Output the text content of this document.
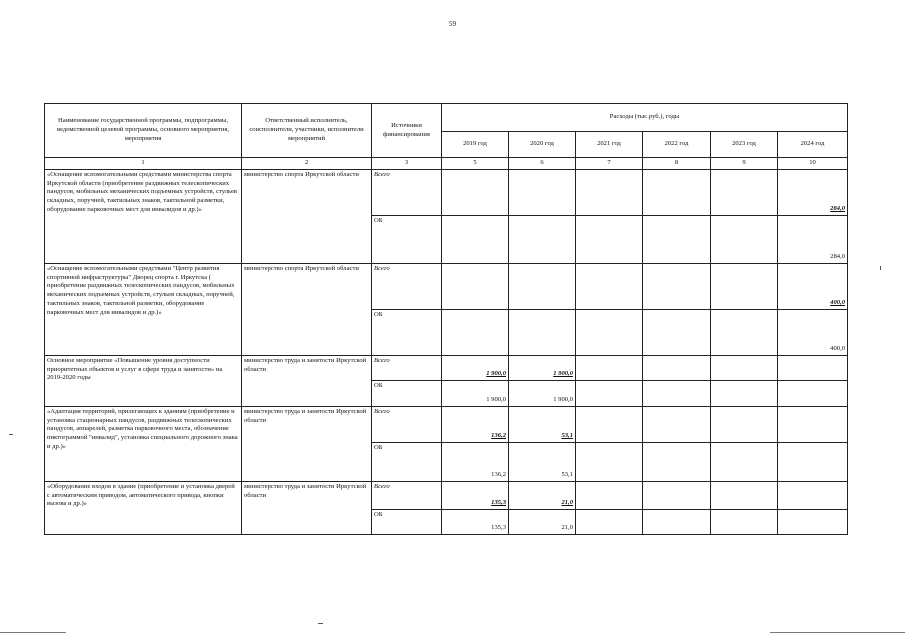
59
Наименование государственной программы, подпрограммы, ведомственной целевой программы, основного мероприятия, мероприятия	Ответственный исполнитель, соисполнители, участники, исполнители мероприятий	Источники финансирования	Расходы (тыс.руб.), годы					
			2019 год	2020 год	2021 год	2022 год	2023 год	2024 год
1	2	3	5	6	7	8	9	10
«Оснащение вспомогательными средствами министерства спорта Иркутской области (приобретение раздвижных телескопических пандусов, мобильных механических подъемных устройств, стульев складных, поручней, тактильных знаков, тактильной разметки, оборудование парковочных мест для инвалидов и др.)»	министерство спорта Иркутской области	Всего						284,0
		ОБ						284,0
«Оснащение вспомогательными средствами "Центр развития спортивной инфраструктуры" Дворец спорта г. Иркутска ( приобретение раздвижных телескопических пандусов, мобильных механических подъемных устройств, стульев складных, поручней, тактильных знаков, тактильной разметки, оборудование парковочных мест для инвалидов и др.)»	министерство спорта Иркутской области	Всего						400,0
		ОБ						400,0
Основное мероприятие «Повышение уровня доступности приоритетных объектов и услуг в сфере труда и занятости» на 2019-2020 годы	министерство труда и занятости Иркутской области	Всего	1 900,0	1 900,0				
		ОБ	1 900,0	1 900,0				
«Адаптация территорий, прилегающих к зданиям (приобретение и установка стационарных пандусов, раздвижных телескопических пандусов, аппарелей, разметка парковочного места, обозначение пиктограммой "инвалид", установка специального дорожного знака и др.)»	министерство труда и занятости Иркутской области	Всего	136,2	53,1				
		ОБ	136,2	53,1				
«Оборудование входов в здание (приобретение и установка дверей с автоматическим приводом, автоматического привода, кнопки вызова и др.)»	министерство труда и занятости Иркутской области	Всего	135,3	21,0				
		ОБ	135,3	21,0				
